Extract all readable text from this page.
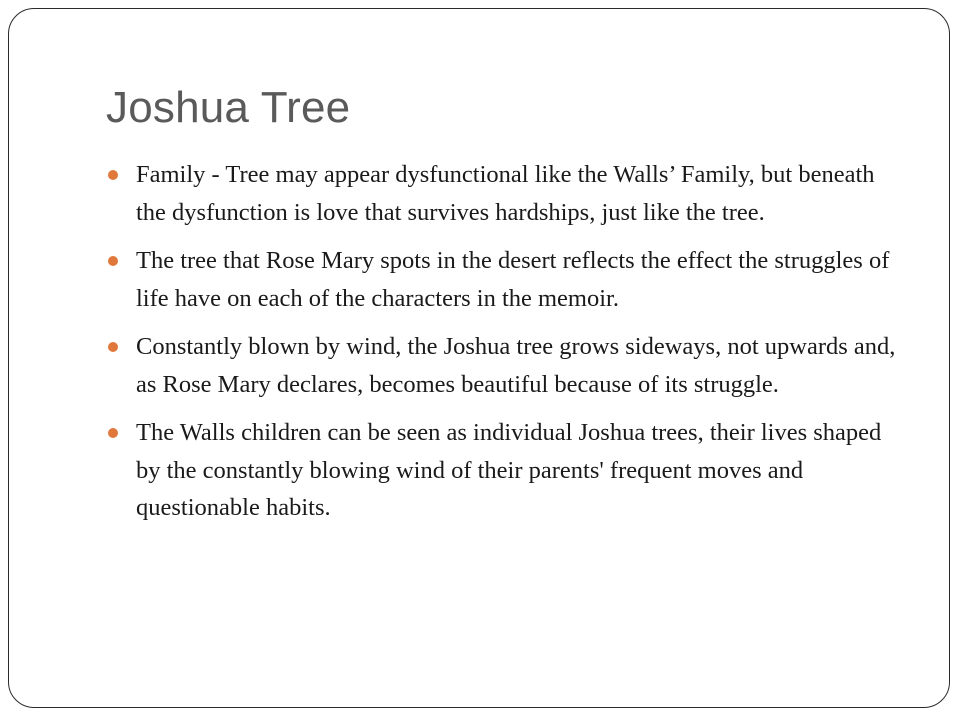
Joshua Tree
Family - Tree may appear dysfunctional like the Walls’ Family, but beneath the dysfunction is love that survives hardships, just like the tree.
The tree that Rose Mary spots in the desert reflects the effect the struggles of life have on each of the characters in the memoir.
Constantly blown by wind, the Joshua tree grows sideways, not upwards and, as Rose Mary declares, becomes beautiful because of its struggle.
The Walls children can be seen as individual Joshua trees, their lives shaped by the constantly blowing wind of their parents' frequent moves and questionable habits.
